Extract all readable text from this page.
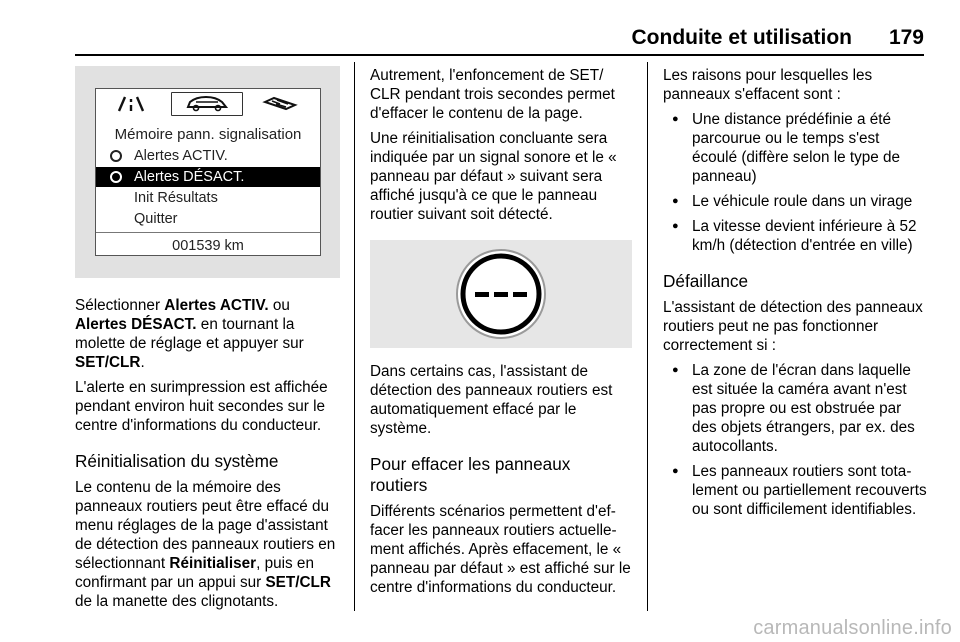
Conduite et utilisation 179
Mémoire pann. signalisation
Alertes ACTIV.
Alertes DÉSACT.
Init Résultats
Quitter
001539 km

Sélectionner Alertes ACTIV. ou Alertes DÉSACT. en tournant la molette de réglage et appuyer sur SET/CLR.

L'alerte en surimpression est affichée pendant environ huit secondes sur le centre d'informations du conducteur.

Réinitialisation du système

Le contenu de la mémoire des panneaux routiers peut être effacé du menu réglages de la page d'assistant de détection des panneaux routiers en sélectionnant Réinitialiser, puis en confirmant par un appui sur SET/CLR de la manette des clignotants.

Autrement, l'enfoncement de SET/ CLR pendant trois secondes permet d'effacer le contenu de la page.

Une réinitialisation concluante sera indiquée par un signal sonore et le « panneau par défaut » suivant sera affiché jusqu'à ce que le panneau routier suivant soit détecté.

Dans certains cas, l'assistant de détection des panneaux routiers est automatiquement effacé par le système.

Pour effacer les panneaux routiers

Différents scénarios permettent d'effacer les panneaux routiers actuellement affichés. Après effacement, le « panneau par défaut » est affiché sur le centre d'informations du conducteur.

Les raisons pour lesquelles les panneaux s'effacent sont :

● Une distance prédéfinie a été parcourue ou le temps s'est écoulé (diffère selon le type de panneau)
● Le véhicule roule dans un virage
● La vitesse devient inférieure à 52 km/h (détection d'entrée en ville)
Défaillance

L'assistant de détection des panneaux routiers peut ne pas fonctionner correctement si :

● La zone de l'écran dans laquelle est située la caméra avant n'est pas propre ou est obstruée par des objets étrangers, par ex. des autocollants.
● Les panneaux routiers sont totalement ou partiellement recouverts ou sont difficilement identifiables.
carmanualsonline.info
